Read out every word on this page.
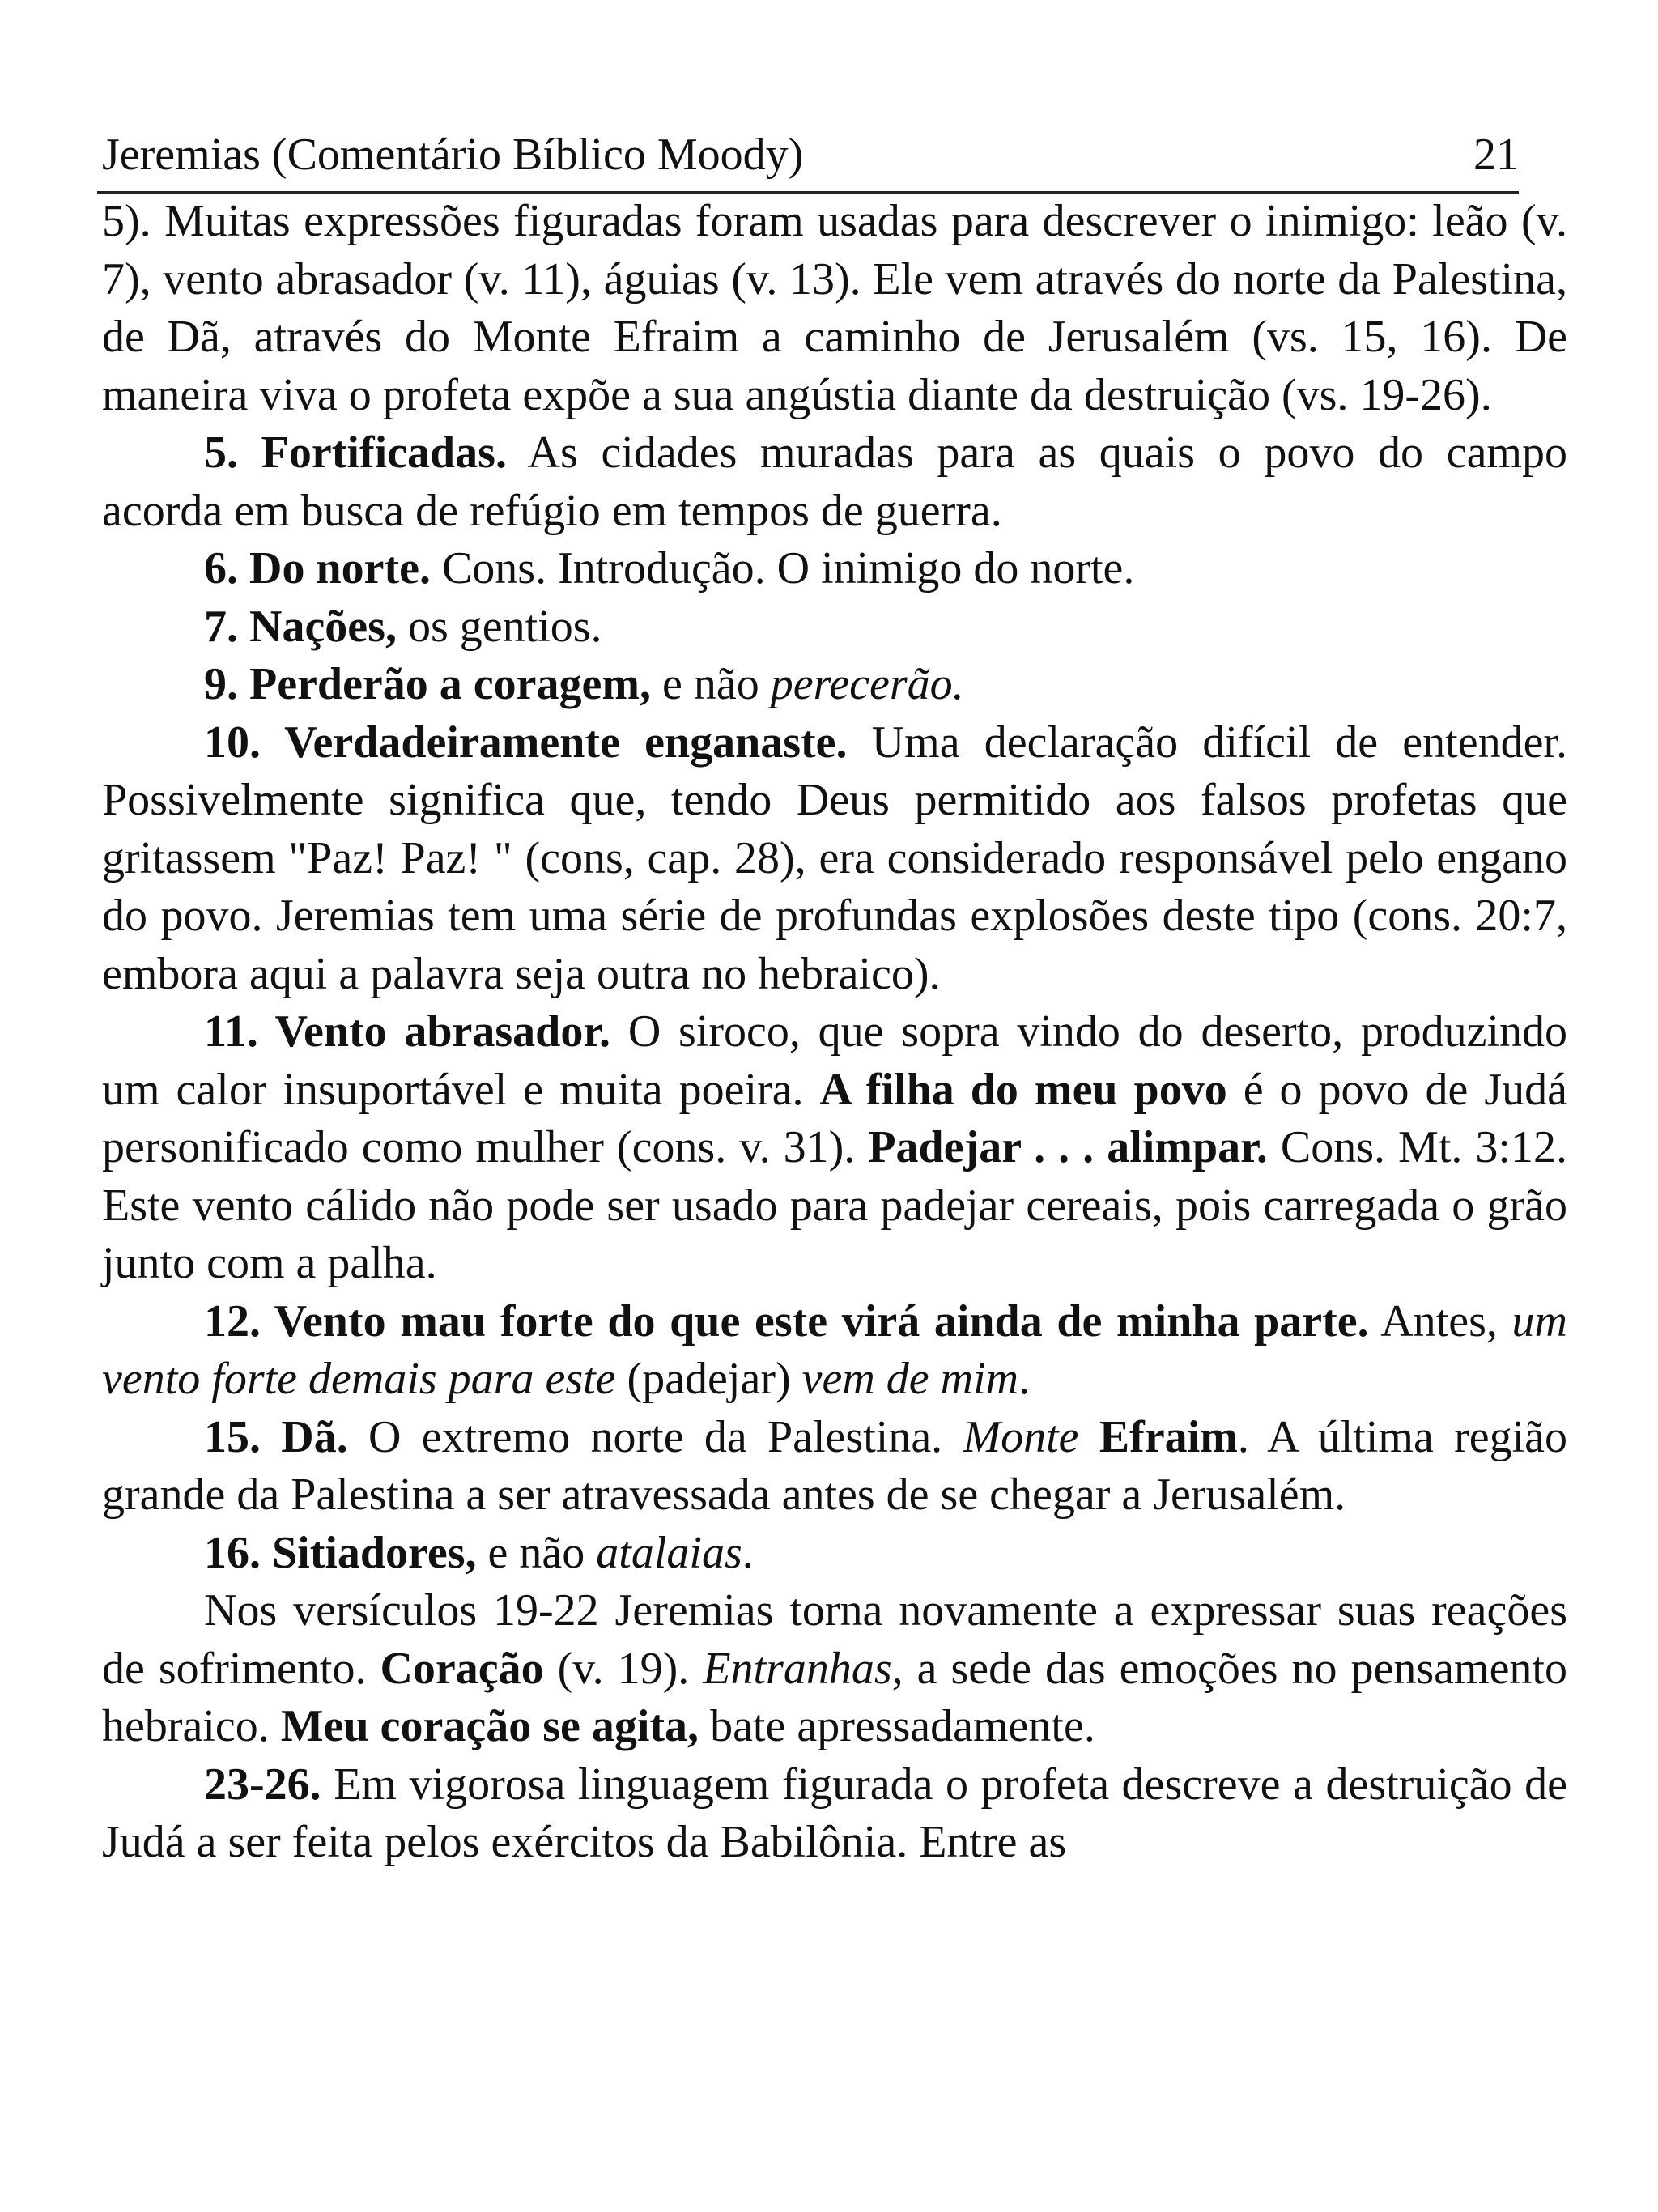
Jeremias (Comentário Bíblico Moody)	21

5). Muitas expressões figuradas foram usadas para descrever o inimigo: leão (v. 7), vento abrasador (v. 11), águias (v. 13). Ele vem através do norte da Palestina, de Dã, através do Monte Efraim a caminho de Jerusalém (vs. 15, 16). De maneira viva o profeta expõe a sua angústia diante da destruição (vs. 19-26).

5. Fortificadas. As cidades muradas para as quais o povo do campo acorda em busca de refúgio em tempos de guerra.

6. Do norte. Cons. Introdução. O inimigo do norte.

7. Nações, os gentios.

9. Perderão a coragem, e não perecerão.

10. Verdadeiramente enganaste. Uma declaração difícil de entender. Possivelmente significa que, tendo Deus permitido aos falsos profetas que gritassem "Paz! Paz! " (cons, cap. 28), era considerado responsável pelo engano do povo. Jeremias tem uma série de profundas explosões deste tipo (cons. 20:7, embora aqui a palavra seja outra no hebraico).

11. Vento abrasador. O siroco, que sopra vindo do deserto, produzindo um calor insuportável e muita poeira. A filha do meu povo é o povo de Judá personificado como mulher (cons. v. 31). Padejar . . . alimpar. Cons. Mt. 3:12. Este vento cálido não pode ser usado para padejar cereais, pois carregada o grão junto com a palha.

12. Vento mau forte do que este virá ainda de minha parte. Antes, um vento forte demais para este (padejar) vem de mim.

15. Dã. O extremo norte da Palestina. Monte Efraim. A última região grande da Palestina a ser atravessada antes de se chegar a Jerusalém.

16. Sitiadores, e não atalaias.

Nos versículos 19-22 Jeremias torna novamente a expressar suas reações de sofrimento. Coração (v. 19). Entranhas, a sede das emoções no pensamento hebraico. Meu coração se agita, bate apressadamente.

23-26. Em vigorosa linguagem figurada o profeta descreve a destruição de Judá a ser feita pelos exércitos da Babilônia. Entre as
